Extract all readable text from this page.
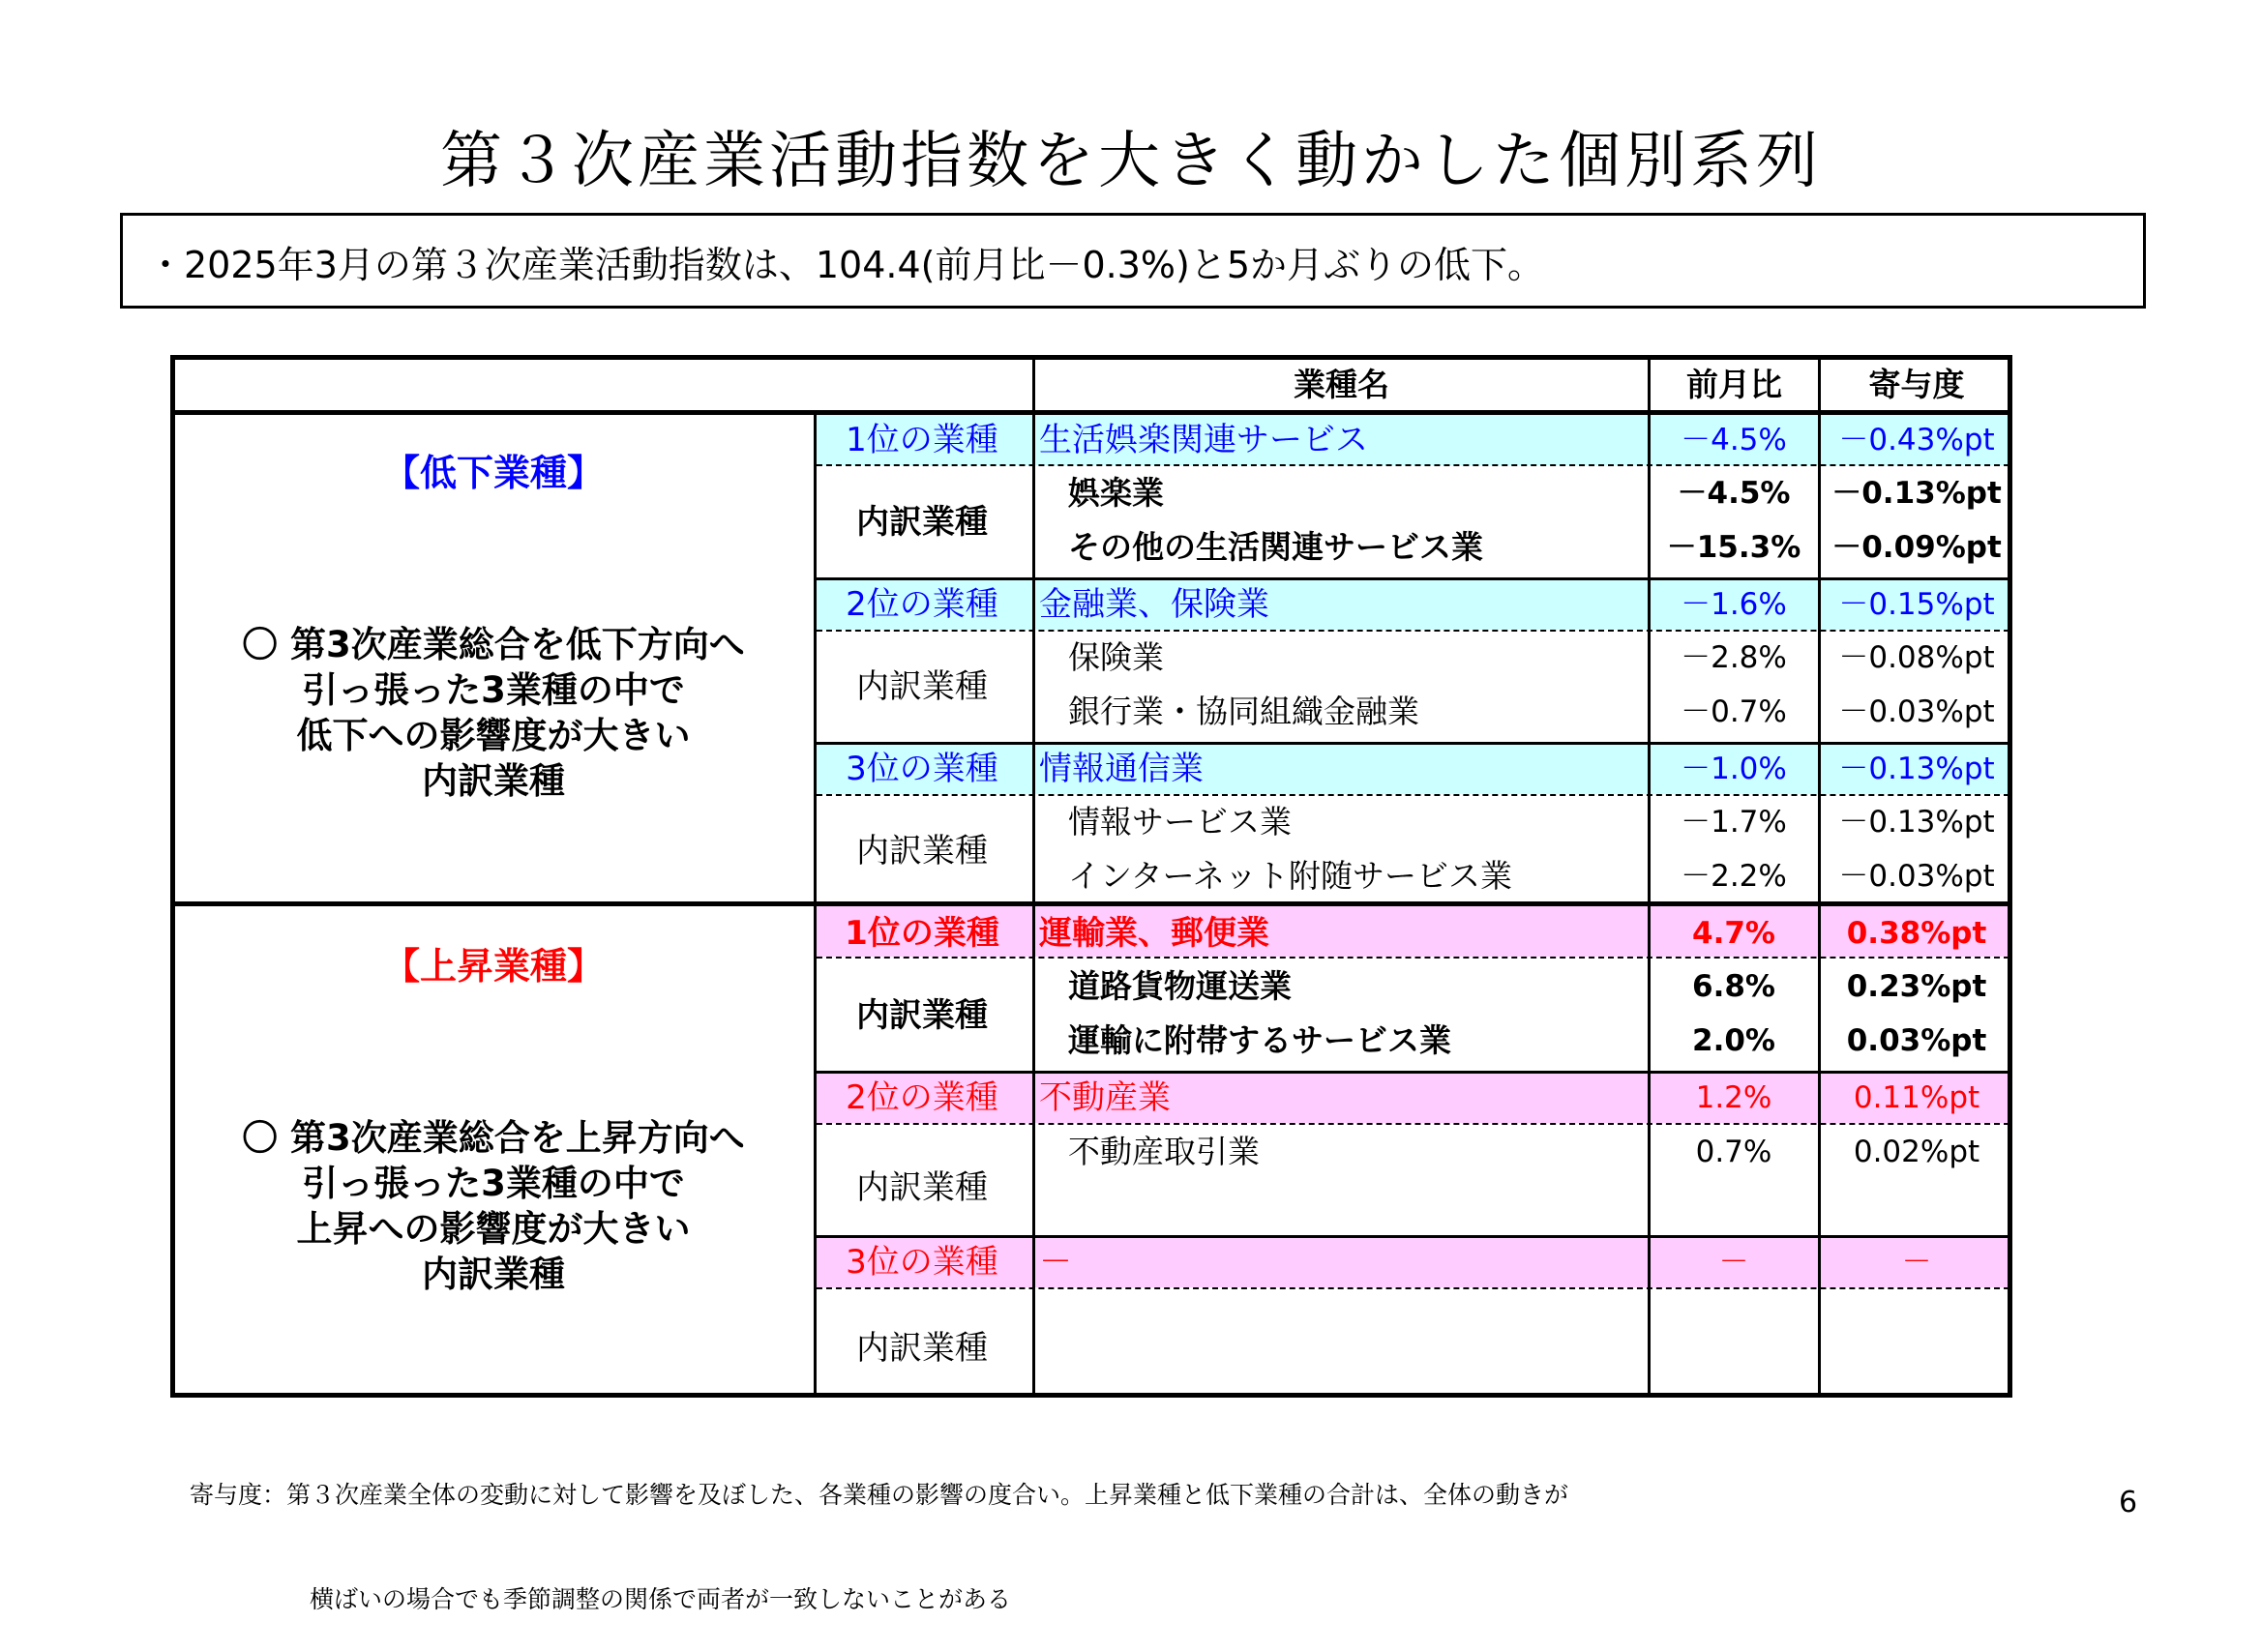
第３次産業活動指数を大きく動かした個別系列
・2025年3月の第３次産業活動指数は、104.4(前月比－0.3%)と5か月ぶりの低下。
業種名	前月比	寄与度
【低下業種】
〇 第3次産業総合を低下方向へ
引っ張った3業種の中で
低下への影響度が大きい
内訳業種
1位の業種	生活娯楽関連サービス	－4.5%	－0.43%pt
内訳業種
娯楽業	－4.5%	－0.13%pt
その他の生活関連サービス業	－15.3%	－0.09%pt
2位の業種	金融業、保険業	－1.6%	－0.15%pt
内訳業種
保険業	－2.8%	－0.08%pt
銀行業・協同組織金融業	－0.7%	－0.03%pt
3位の業種	情報通信業	－1.0%	－0.13%pt
内訳業種
情報サービス業	－1.7%	－0.13%pt
インターネット附随サービス業	－2.2%	－0.03%pt
【上昇業種】
〇 第3次産業総合を上昇方向へ
引っ張った3業種の中で
上昇への影響度が大きい
内訳業種
1位の業種	運輸業、郵便業	4.7%	0.38%pt
内訳業種
道路貨物運送業	6.8%	0.23%pt
運輸に附帯するサービス業	2.0%	0.03%pt
2位の業種	不動産業	1.2%	0.11%pt
内訳業種
不動産取引業	0.7%	0.02%pt
3位の業種	－	－	－
内訳業種

寄与度：第３次産業全体の変動に対して影響を及ぼした、各業種の影響の度合い。上昇業種と低下業種の合計は、全体の動きが

横ばいの場合でも季節調整の関係で両者が一致しないことがある

6
